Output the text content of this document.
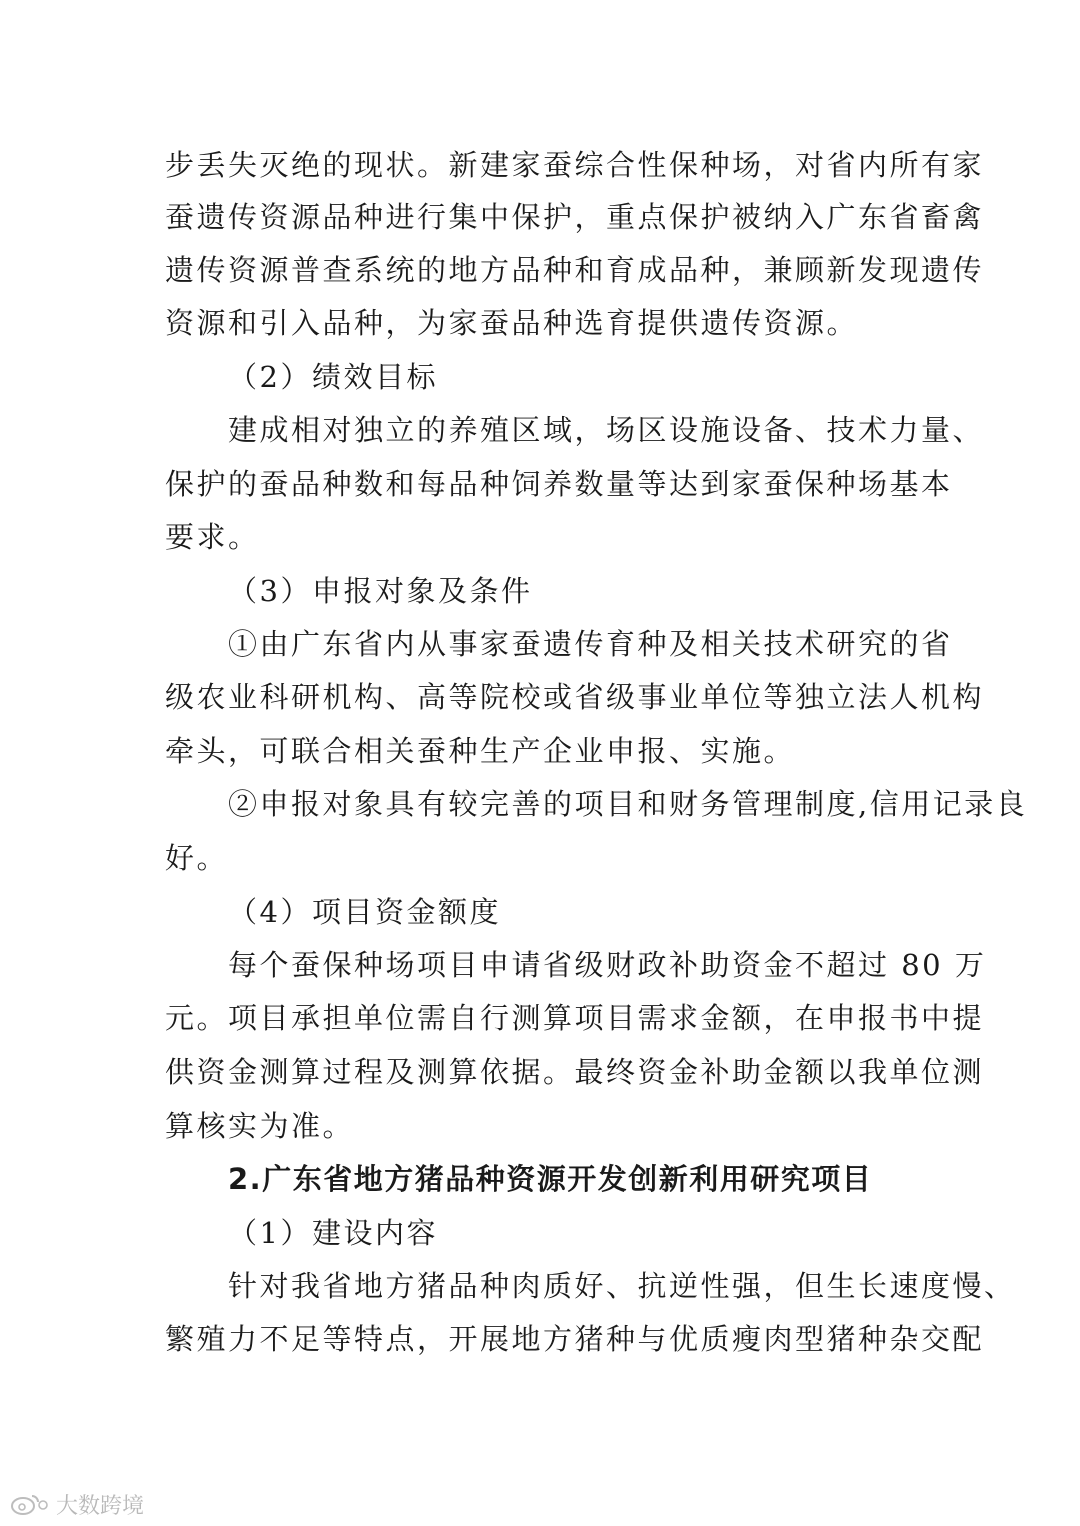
步丢失灭绝的现状。新建家蚕综合性保种场，对省内所有家
蚕遗传资源品种进行集中保护，重点保护被纳入广东省畜禽
遗传资源普查系统的地方品种和育成品种，兼顾新发现遗传
资源和引入品种，为家蚕品种选育提供遗传资源。
（2）绩效目标
建成相对独立的养殖区域，场区设施设备、技术力量、
保护的蚕品种数和每品种饲养数量等达到家蚕保种场基本
要求。
（3）申报对象及条件
①由广东省内从事家蚕遗传育种及相关技术研究的省
级农业科研机构、高等院校或省级事业单位等独立法人机构
牵头，可联合相关蚕种生产企业申报、实施。
②申报对象具有较完善的项目和财务管理制度,信用记录良
好。
（4）项目资金额度
每个蚕保种场项目申请省级财政补助资金不超过 80 万
元。项目承担单位需自行测算项目需求金额，在申报书中提
供资金测算过程及测算依据。最终资金补助金额以我单位测
算核实为准。
2.广东省地方猪品种资源开发创新利用研究项目
（1）建设内容
针对我省地方猪品种肉质好、抗逆性强，但生长速度慢、
繁殖力不足等特点，开展地方猪种与优质瘦肉型猪种杂交配
大数跨境
